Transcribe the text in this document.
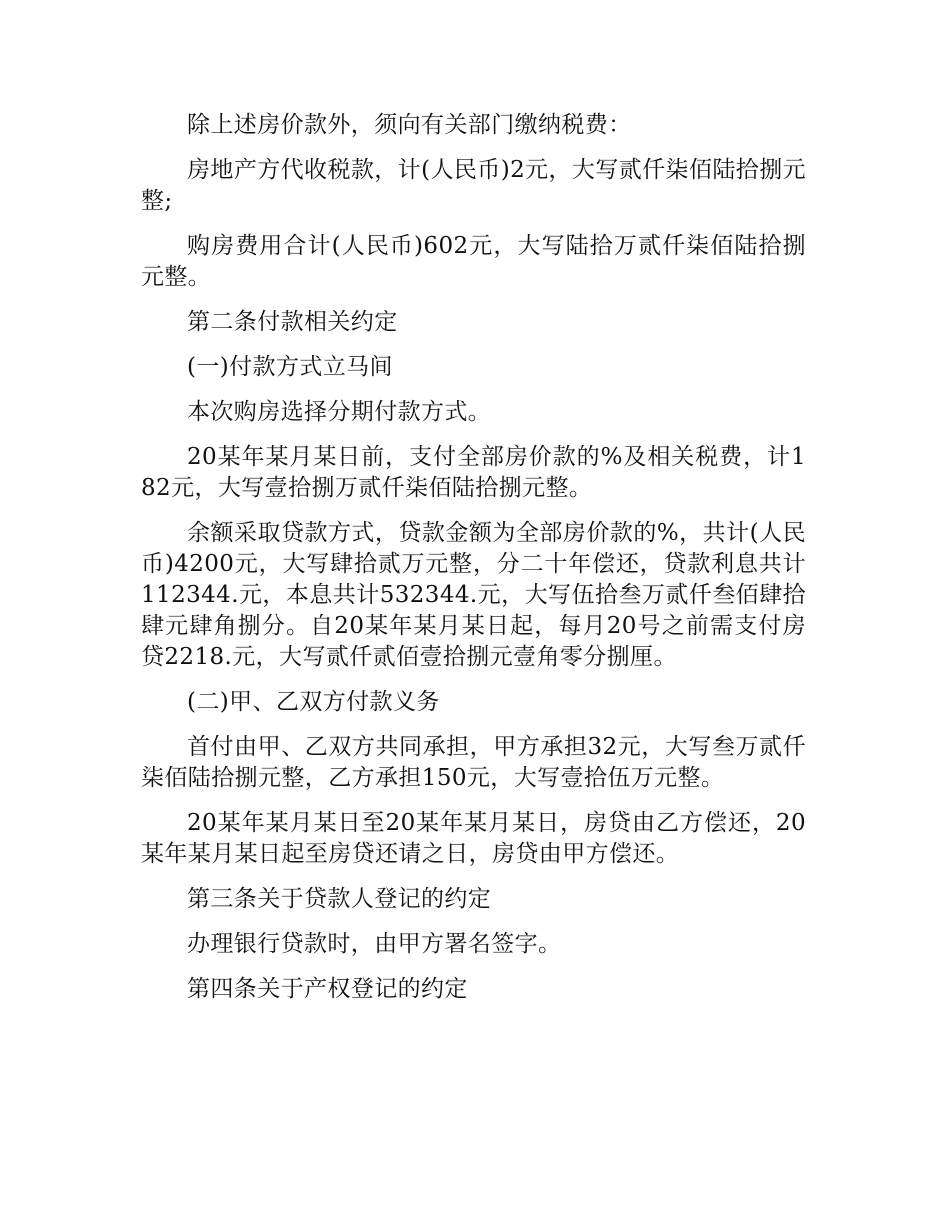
除上述房价款外，须向有关部门缴纳税费：

房地产方代收税款，计(人民币)2元，大写贰仟柒佰陆拾捌元整;

购房费用合计(人民币)602元，大写陆拾万贰仟柒佰陆拾捌元整。

第二条付款相关约定

(一)付款方式立马间

本次购房选择分期付款方式。

20某年某月某日前，支付全部房价款的%及相关税费，计182元，大写壹拾捌万贰仟柒佰陆拾捌元整。

余额采取贷款方式，贷款金额为全部房价款的%，共计(人民币)4200元，大写肆拾贰万元整，分二十年偿还，贷款利息共计112344.元，本息共计532344.元，大写伍拾叁万贰仟叁佰肆拾肆元肆角捌分。自20某年某月某日起，每月20号之前需支付房贷2218.元，大写贰仟贰佰壹拾捌元壹角零分捌厘。

(二)甲、乙双方付款义务

首付由甲、乙双方共同承担，甲方承担32元，大写叁万贰仟柒佰陆拾捌元整，乙方承担150元，大写壹拾伍万元整。

20某年某月某日至20某年某月某日，房贷由乙方偿还，20某年某月某日起至房贷还请之日，房贷由甲方偿还。

第三条关于贷款人登记的约定

办理银行贷款时，由甲方署名签字。

第四条关于产权登记的约定
